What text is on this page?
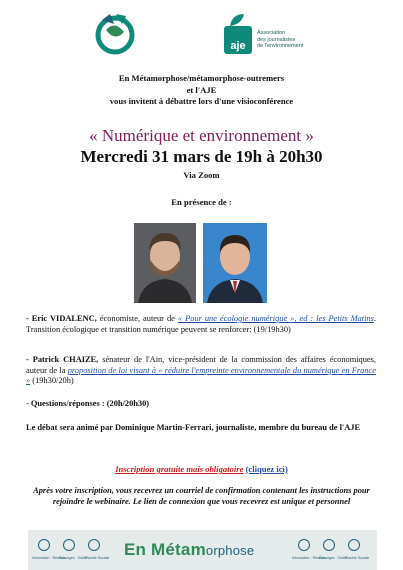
aje
Association
des journalistes
de l'environnement
En Métamorphose/métamorphose-outremers
et l'AJE
vous invitent à débattre lors d'une visioconférence
« Numérique et environnement »
Mercredi 31 mars de 19h à 20h30
Via Zoom
En présence de :
- Eric VIDALENC, économiste, auteur de « Pour une écologie numérique », ed : les Petits Matins. Transition écologique et transition numérique peuvent se renforcer: (19/19h30)
- Patrick CHAIZE, sénateur de l'Ain, vice-président de la commission des affaires économiques, auteur de la proposition de loi visant à « réduire l'empreinte environnementale du numérique en France » (19h30/20h)
- Questions/réponses : (20h/20h30)
Le débat sera animé par Dominique Martin-Ferrari, journaliste, membre du bureau de l'AJE
Inscription gratuite mais obligatoire (cliquez ici)
Après votre inscription, vous recevrez un courriel de confirmation contenant les instructions pour rejoindre le webinaire. Le lien de connexion que vous recevrez est unique et personnel
Information · Réseau
Échanges · Outils
Planète Sociale En Métamorphose	Information · Réseau
Échanges · Outils
Planète Sociale
